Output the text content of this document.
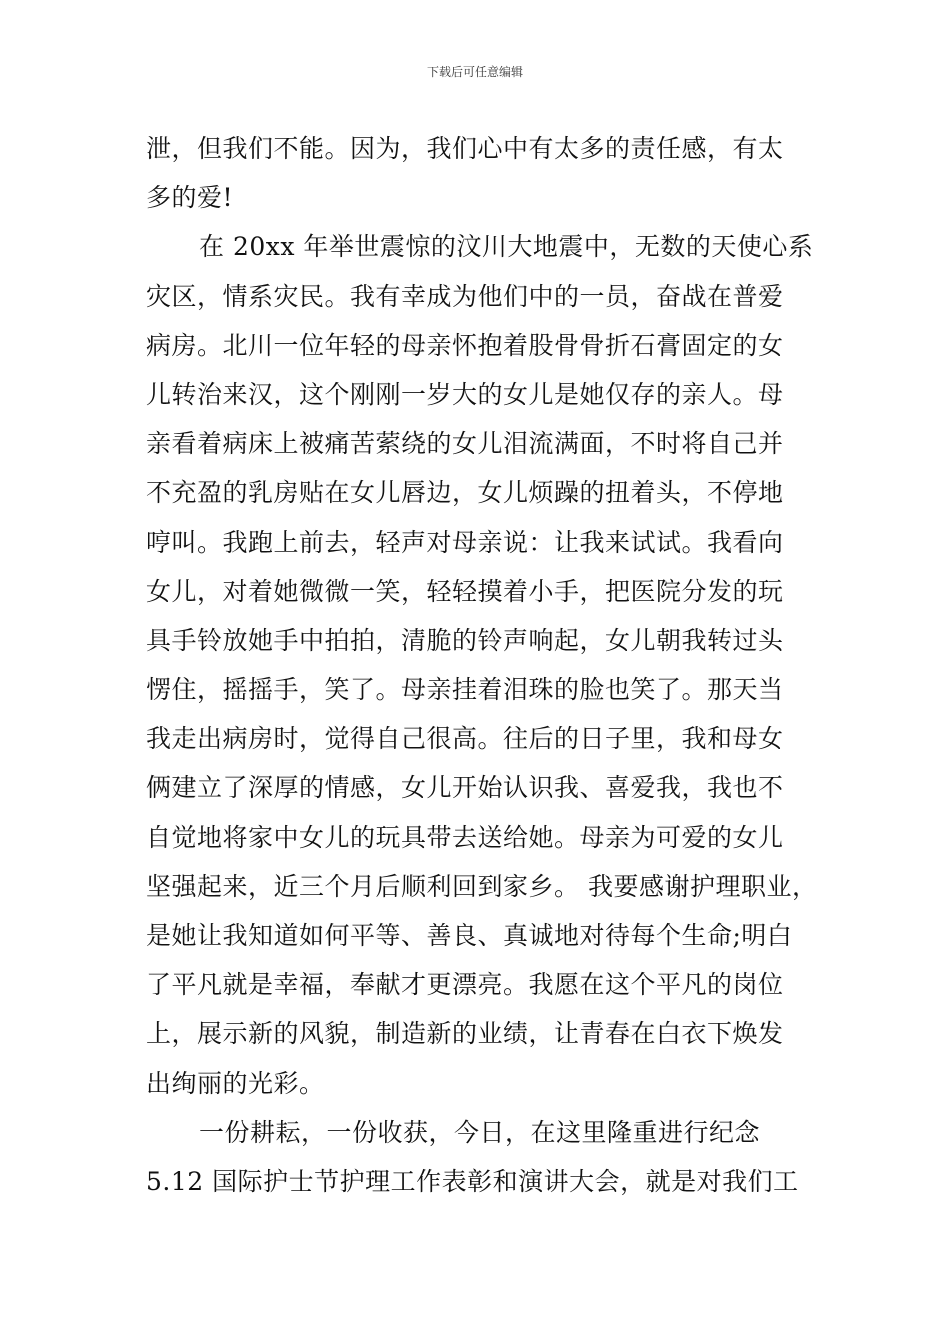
下载后可任意编辑
泄，但我们不能。因为，我们心中有太多的责任感，有太
多的爱!
在 20xx 年举世震惊的汶川大地震中，无数的天使心系
灾区，情系灾民。我有幸成为他们中的一员，奋战在普爱
病房。北川一位年轻的母亲怀抱着股骨骨折石膏固定的女
儿转治来汉，这个刚刚一岁大的女儿是她仅存的亲人。母
亲看着病床上被痛苦萦绕的女儿泪流满面，不时将自己并
不充盈的乳房贴在女儿唇边，女儿烦躁的扭着头，不停地
哼叫。我跑上前去，轻声对母亲说：让我来试试。我看向
女儿，对着她微微一笑，轻轻摸着小手，把医院分发的玩
具手铃放她手中拍拍，清脆的铃声响起，女儿朝我转过头
愣住，摇摇手，笑了。母亲挂着泪珠的脸也笑了。那天当
我走出病房时，觉得自己很高。往后的日子里，我和母女
俩建立了深厚的情感，女儿开始认识我、喜爱我，我也不
自觉地将家中女儿的玩具带去送给她。母亲为可爱的女儿
坚强起来，近三个月后顺利回到家乡。 我要感谢护理职业，
是她让我知道如何平等、善良、真诚地对待每个生命;明白
了平凡就是幸福，奉献才更漂亮。我愿在这个平凡的岗位
上，展示新的风貌，制造新的业绩，让青春在白衣下焕发
出绚丽的光彩。
一份耕耘，一份收获，今日，在这里隆重进行纪念
5.12 国际护士节护理工作表彰和演讲大会，就是对我们工
